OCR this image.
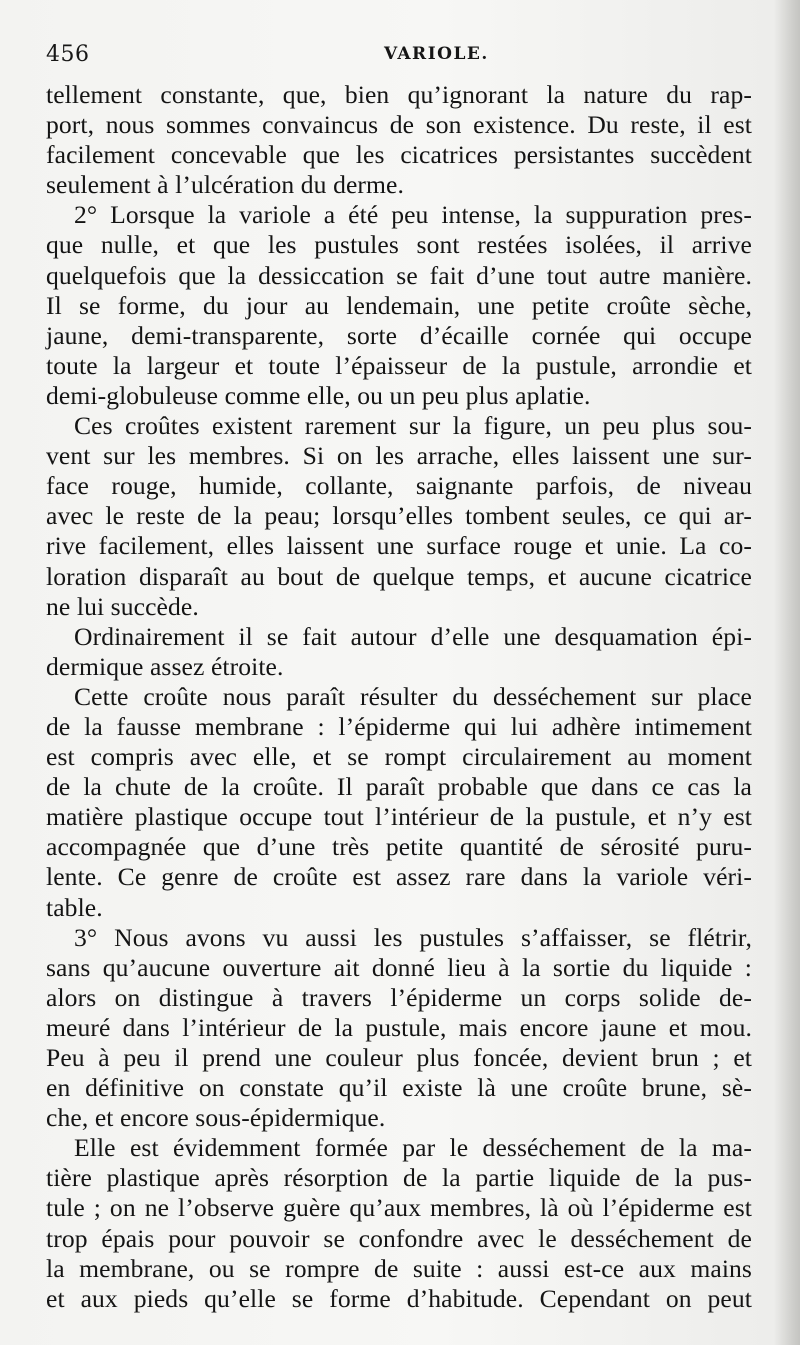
456	VARIOLE.
tellement constante, que, bien qu’ignorant la nature du rap-
port, nous sommes convaincus de son existence. Du reste, il est
facilement concevable que les cicatrices persistantes succèdent
seulement à l’ulcération du derme.
2° Lorsque la variole a été peu intense, la suppuration pres-
que nulle, et que les pustules sont restées isolées, il arrive
quelquefois que la dessiccation se fait d’une tout autre manière.
Il se forme, du jour au lendemain, une petite croûte sèche,
jaune, demi-transparente, sorte d’écaille cornée qui occupe
toute la largeur et toute l’épaisseur de la pustule, arrondie et
demi-globuleuse comme elle, ou un peu plus aplatie.
Ces croûtes existent rarement sur la figure, un peu plus sou-
vent sur les membres. Si on les arrache, elles laissent une sur-
face rouge, humide, collante, saignante parfois, de niveau
avec le reste de la peau; lorsqu’elles tombent seules, ce qui ar-
rive facilement, elles laissent une surface rouge et unie. La co-
loration disparaît au bout de quelque temps, et aucune cicatrice
ne lui succède.
Ordinairement il se fait autour d’elle une desquamation épi-
dermique assez étroite.
Cette croûte nous paraît résulter du desséchement sur place
de la fausse membrane : l’épiderme qui lui adhère intimement
est compris avec elle, et se rompt circulairement au moment
de la chute de la croûte. Il paraît probable que dans ce cas la
matière plastique occupe tout l’intérieur de la pustule, et n’y est
accompagnée que d’une très petite quantité de sérosité puru-
lente. Ce genre de croûte est assez rare dans la variole véri-
table.
3° Nous avons vu aussi les pustules s’affaisser, se flétrir,
sans qu’aucune ouverture ait donné lieu à la sortie du liquide :
alors on distingue à travers l’épiderme un corps solide de-
meuré dans l’intérieur de la pustule, mais encore jaune et mou.
Peu à peu il prend une couleur plus foncée, devient brun ; et
en définitive on constate qu’il existe là une croûte brune, sè-
che, et encore sous-épidermique.
Elle est évidemment formée par le desséchement de la ma-
tière plastique après résorption de la partie liquide de la pus-
tule ; on ne l’observe guère qu’aux membres, là où l’épiderme est
trop épais pour pouvoir se confondre avec le desséchement de
la membrane, ou se rompre de suite : aussi est-ce aux mains
et aux pieds qu’elle se forme d’habitude. Cependant on peut
